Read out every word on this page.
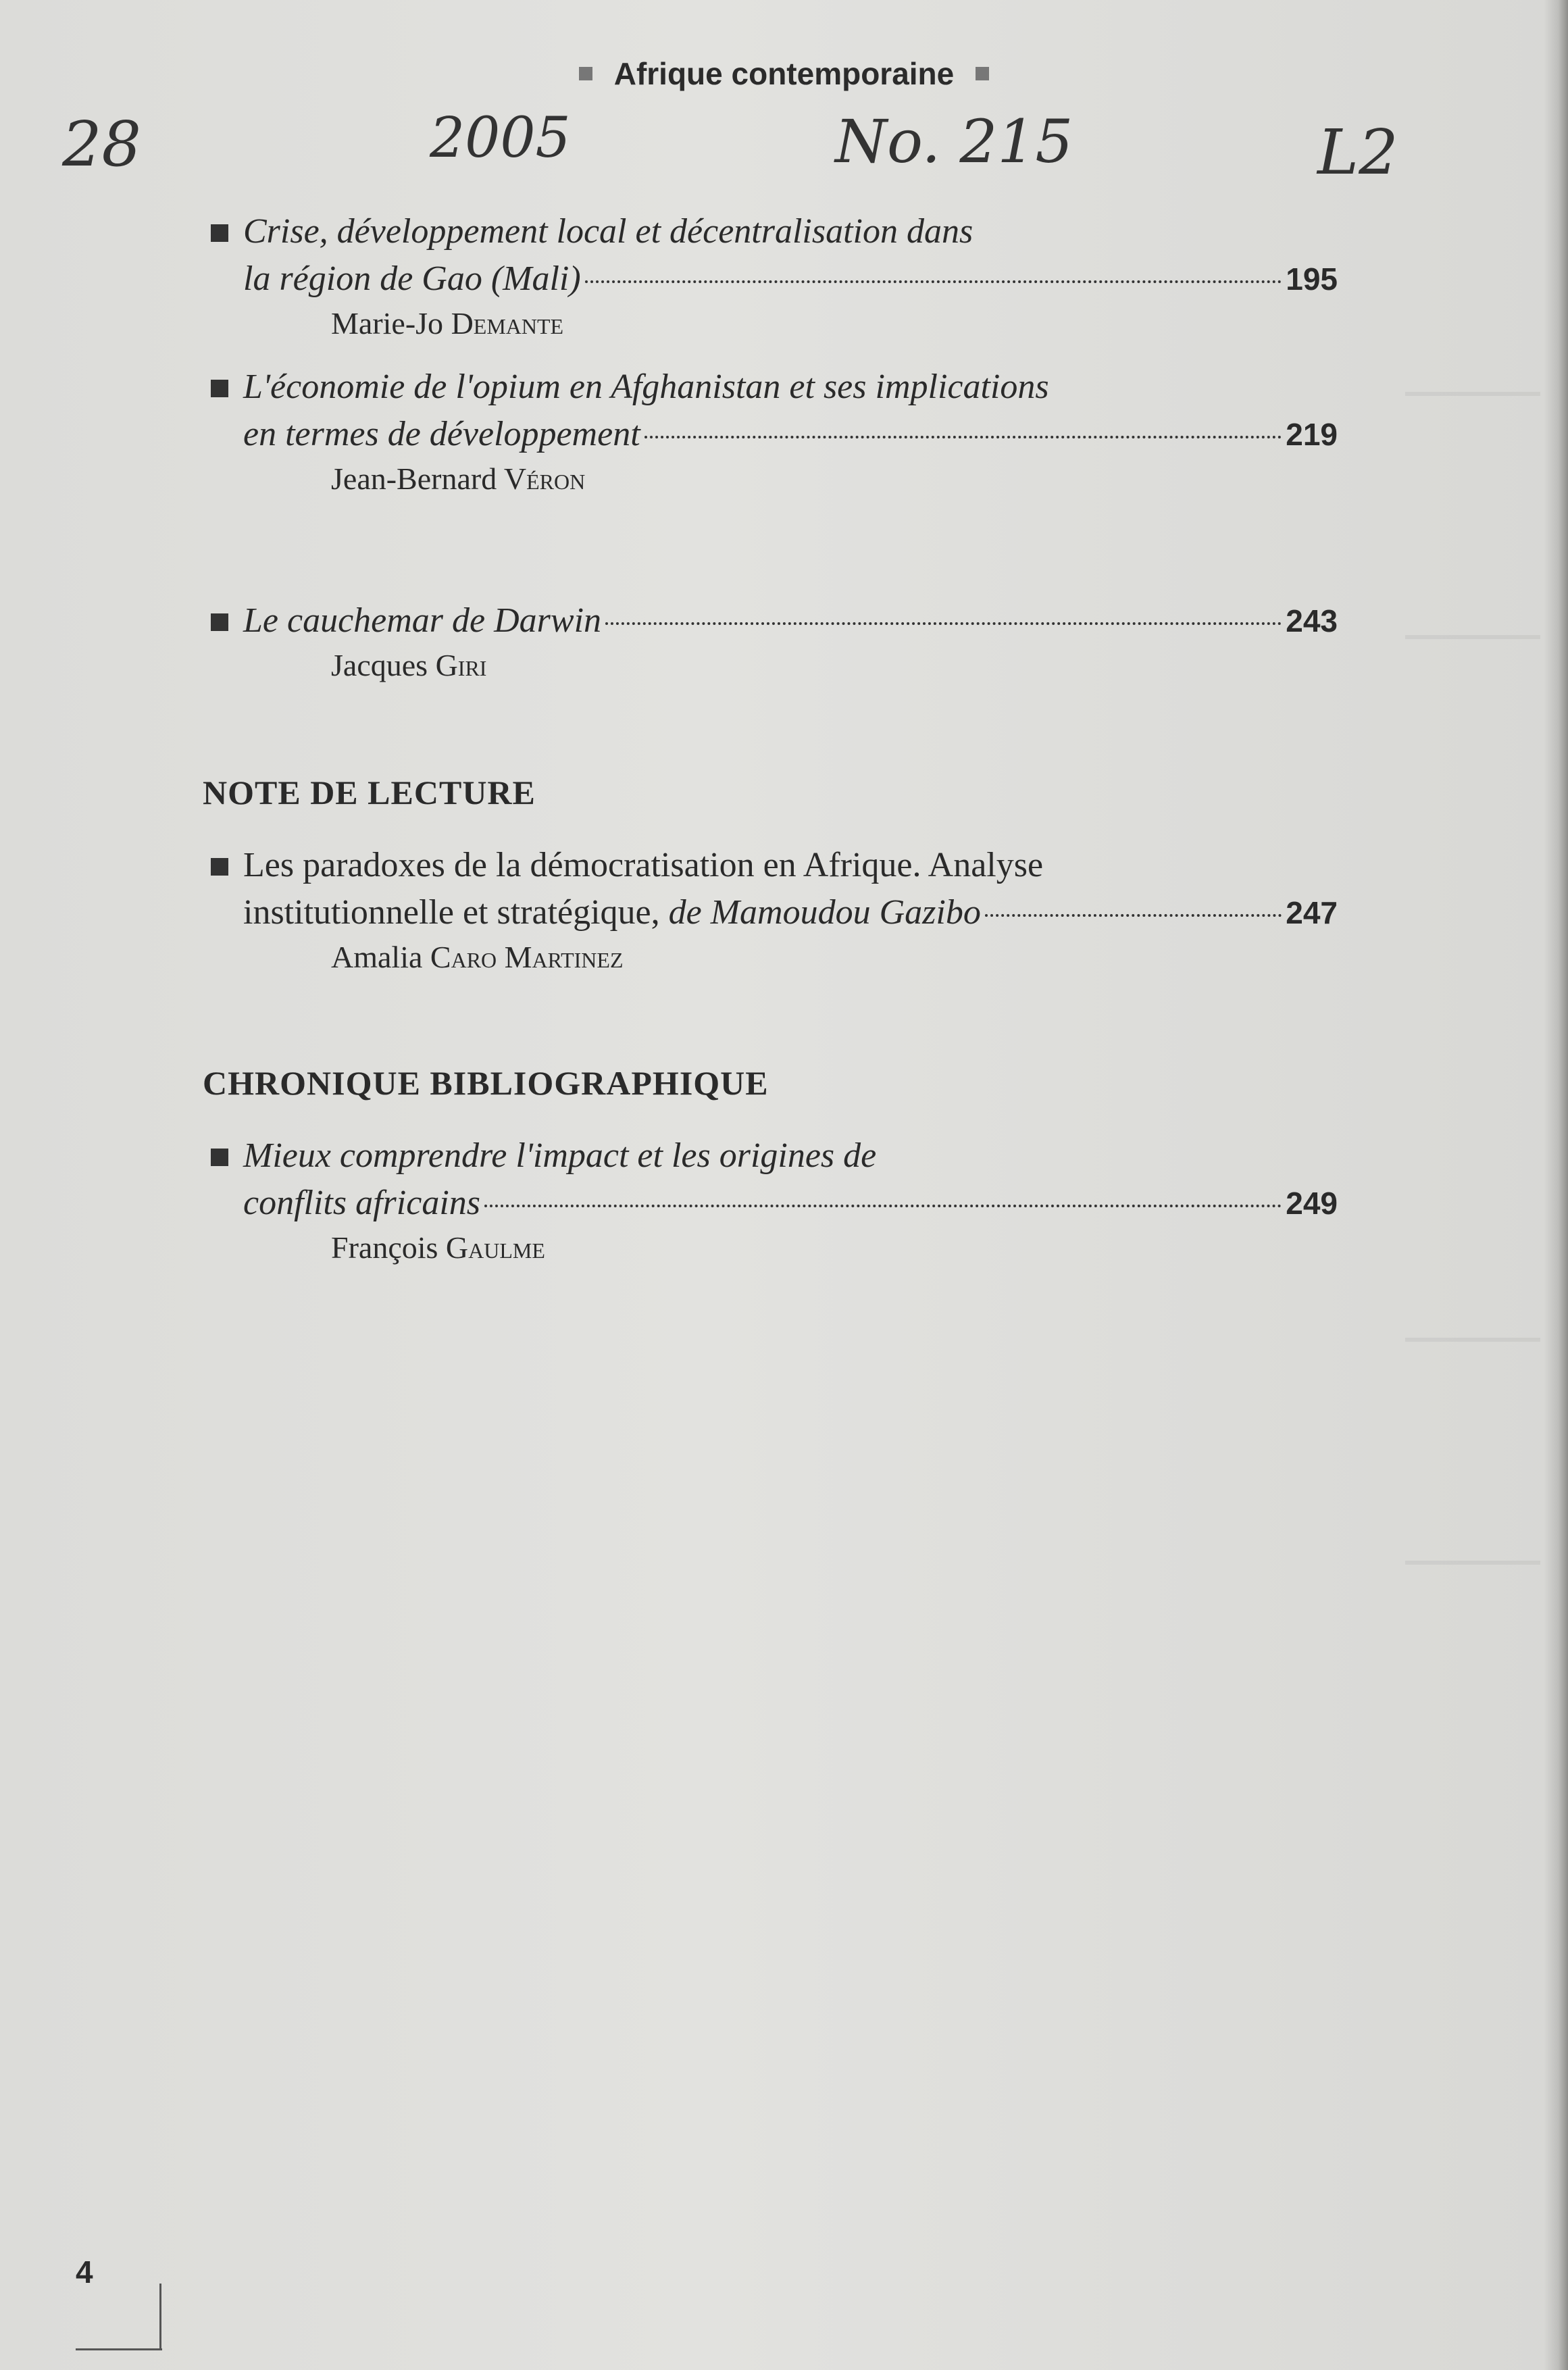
Afrique contemporaine
28	2005	No. 215	L2
Crise, développement local et décentralisation dans
la région de Gao (Mali)	195
Marie-Jo Demante
L'économie de l'opium en Afghanistan et ses implications
en termes de développement	219
Jean-Bernard Véron
Le cauchemar de Darwin	243
Jacques Giri
NOTE DE LECTURE
Les paradoxes de la démocratisation en Afrique. Analyse
institutionnelle et stratégique, de Mamoudou Gazibo	247
Amalia Caro Martinez
CHRONIQUE BIBLIOGRAPHIQUE
Mieux comprendre l'impact et les origines de
conflits africains	249
François Gaulme
4
